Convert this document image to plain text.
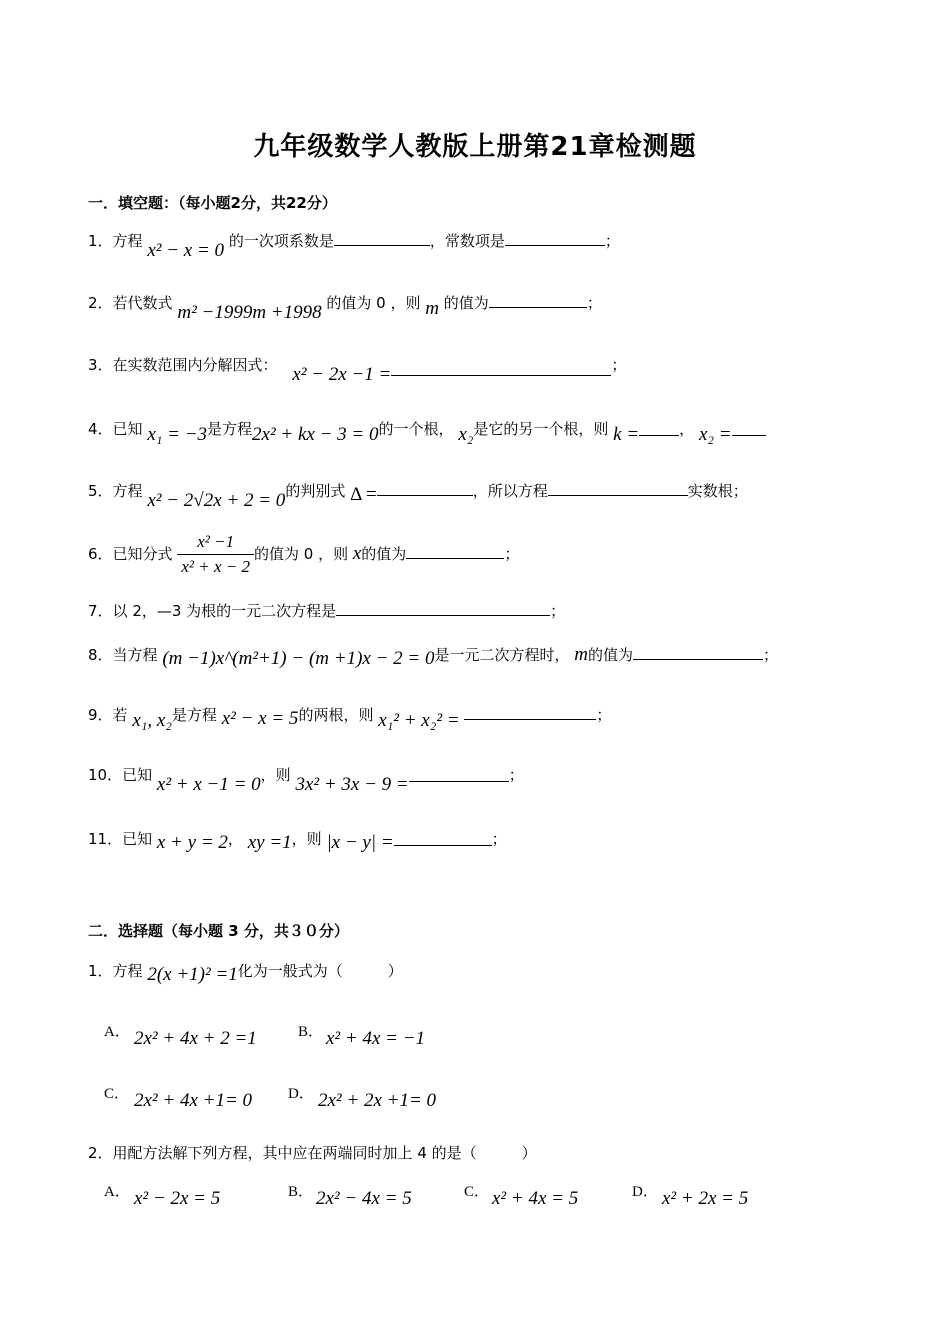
九年级数学人教版上册第21章检测题
一．填空题：（每小题2分，共22分）
1．方程 x² − x = 0 的一次项系数是	，常数项是	；
2．若代数式 m² −1999m +1998 的值为 0 ，则 m 的值为	；
3．在实数范围内分解因式： x² − 2x −1 =	；
4．已知 x₁ = −3是方程2x² + kx − 3 = 0的一个根， x₂是它的另一个根，则 k =	， x₂ =
5．方程 x² − 2√2x + 2 = 0的判别式 Δ =	，所以方程	实数根；
6．已知分式 $\frac{\text{x² −1}}{\text{x² + x − 2}}$ 的值为 0 ，则 x的值为	；
7．以 2，—3 为根的一元二次方程是	；
8．当方程 (m −1)x^(m²+1) − (m +1)x − 2 = 0是一元二次方程时， m的值为	；
9．若 x₁, x₂是方程 x² − x = 5的两根，则 x₁² + x₂² =	；
10．已知 x² + x −1 = 0，则 3x² + 3x − 9 =	；
11．已知 x + y = 2， xy =1，则 |x − y| =	；
二．选择题（每小题 3 分，共３０分）
1．方程 2(x +1)² =1化为一般式为（　　　）
A． 2x² + 4x + 2 =1	B． x² + 4x = −1
C． 2x² + 4x +1= 0 D． 2x² + 2x +1= 0
2．用配方法解下列方程，其中应在两端同时加上 4 的是（　　　）
A． x² − 2x = 5	B． 2x² − 4x = 5	C． x² + 4x = 5	D． x² + 2x = 5
